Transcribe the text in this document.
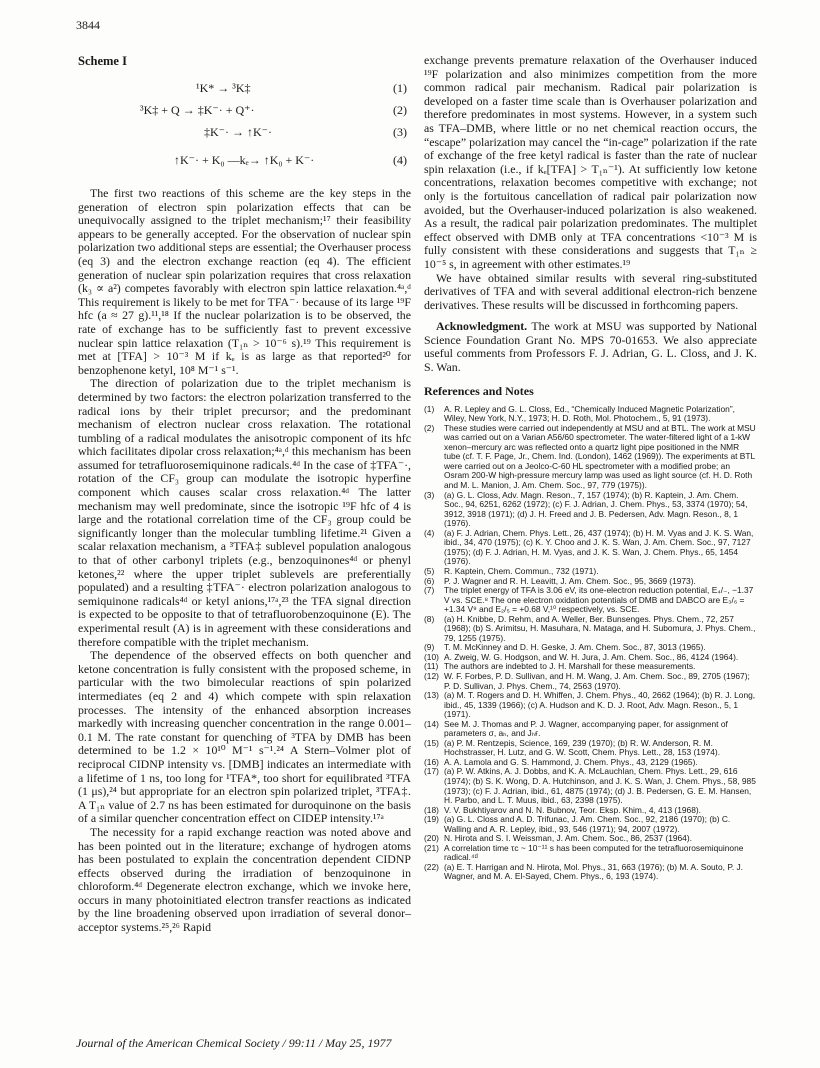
3844
Scheme I
¹K* → ³K‡	(1)
³K‡ + Q → ‡K⁻· + Q⁺·	(2)
‡K⁻· → ↑K⁻·	(3)
↑K⁻· + K₀ —kₑ→ ↑K₀ + K⁻·	(4)

The first two reactions of this scheme are the key steps in the generation of electron spin polarization effects that can be unequivocally assigned to the triplet mechanism;¹⁷ their feasibility appears to be generally accepted. For the observation of nuclear spin polarization two additional steps are essential; the Overhauser process (eq 3) and the electron exchange reaction (eq 4). The efficient generation of nuclear spin polarization requires that cross relaxation (k₃ ∝ a²) competes favorably with electron spin lattice relaxation.⁴ᵃ,ᵈ This requirement is likely to be met for TFA⁻· because of its large ¹⁹F hfc (a ≈ 27 g).¹¹,¹⁸ If the nuclear polarization is to be observed, the rate of exchange has to be sufficiently fast to prevent excessive nuclear spin lattice relaxation (T₁ₙ > 10⁻⁶ s).¹⁹ This requirement is met at [TFA] > 10⁻³ M if kₑ is as large as that reported²⁰ for benzophenone ketyl, 10⁸ M⁻¹ s⁻¹.

The direction of polarization due to the triplet mechanism is determined by two factors: the electron polarization transferred to the radical ions by their triplet precursor; and the predominant mechanism of electron nuclear cross relaxation. The rotational tumbling of a radical modulates the anisotropic component of its hfc which facilitates dipolar cross relaxation;⁴ᵃ,ᵈ this mechanism has been assumed for tetrafluorosemiquinone radicals.⁴ᵈ In the case of ‡TFA⁻·, rotation of the CF₃ group can modulate the isotropic hyperfine component which causes scalar cross relaxation.⁴ᵈ The latter mechanism may well predominate, since the isotropic ¹⁹F hfc of 4 is large and the rotational correlation time of the CF₃ group could be significantly longer than the molecular tumbling lifetime.²¹ Given a scalar relaxation mechanism, a ³TFA‡ sublevel population analogous to that of other carbonyl triplets (e.g., benzoquinones⁴ᵈ or phenyl ketones,²² where the upper triplet sublevels are preferentially populated) and a resulting ‡TFA⁻· electron polarization analogous to semiquinone radicals⁴ᵈ or ketyl anions,¹⁷ᵃ,²³ the TFA signal direction is expected to be opposite to that of tetrafluorobenzoquinone (E). The experimental result (A) is in agreement with these considerations and therefore compatible with the triplet mechanism.

The dependence of the observed effects on both quencher and ketone concentration is fully consistent with the proposed scheme, in particular with the two bimolecular reactions of spin polarized intermediates (eq 2 and 4) which compete with spin relaxation processes. The intensity of the enhanced absorption increases markedly with increasing quencher concentration in the range 0.001–0.1 M. The rate constant for quenching of ³TFA by DMB has been determined to be 1.2 × 10¹⁰ M⁻¹ s⁻¹.²⁴ A Stern–Volmer plot of reciprocal CIDNP intensity vs. [DMB] indicates an intermediate with a lifetime of 1 ns, too long for ¹TFA*, too short for equilibrated ³TFA (1 μs),²⁴ but appropriate for an electron spin polarized triplet, ³TFA‡. A T₁ₙ value of 2.7 ns has been estimated for duroquinone on the basis of a similar quencher concentration effect on CIDEP intensity.¹⁷ᵃ

The necessity for a rapid exchange reaction was noted above and has been pointed out in the literature; exchange of hydrogen atoms has been postulated to explain the concentration dependent CIDNP effects observed during the irradiation of benzoquinone in chloroform.⁴ᵈ Degenerate electron exchange, which we invoke here, occurs in many photoinitiated electron transfer reactions as indicated by the line broadening observed upon irradiation of several donor–acceptor systems.²⁵,²⁶ Rapid

exchange prevents premature relaxation of the Overhauser induced ¹⁹F polarization and also minimizes competition from the more common radical pair mechanism. Radical pair polarization is developed on a faster time scale than is Overhauser polarization and therefore predominates in most systems. However, in a system such as TFA–DMB, where little or no net chemical reaction occurs, the “escape” polarization may cancel the “in-cage” polarization if the rate of exchange of the free ketyl radical is faster than the rate of nuclear spin relaxation (i.e., if kₑ[TFA] > T₁ₙ⁻¹). At sufficiently low ketone concentrations, relaxation becomes competitive with exchange; not only is the fortuitous cancellation of radical pair polarization now avoided, but the Overhauser-induced polarization is also weakened. As a result, the radical pair polarization predominates. The multiplet effect observed with DMB only at TFA concentrations <10⁻³ M is fully consistent with these considerations and suggests that T₁ₙ ≥ 10⁻⁵ s, in agreement with other estimates.¹⁹

We have obtained similar results with several ring-substituted derivatives of TFA and with several additional electron-rich benzene derivatives. These results will be discussed in forthcoming papers.

Acknowledgment. The work at MSU was supported by National Science Foundation Grant No. MPS 70-01653. We also appreciate useful comments from Professors F. J. Adrian, G. L. Closs, and J. K. S. Wan.

References and Notes
(1) A. R. Lepley and G. L. Closs, Ed., “Chemically Induced Magnetic Polarization”, Wiley, New York, N.Y., 1973; H. D. Roth, Mol. Photochem., 5, 91 (1973).
(2) These studies were carried out independently at MSU and at BTL. The work at MSU was carried out on a Varian A56/60 spectrometer. The water-filtered light of a 1-kW xenon–mercury arc was reflected onto a quartz light pipe positioned in the NMR tube (cf. T. F. Page, Jr., Chem. Ind. (London), 1462 (1969)). The experiments at BTL were carried out on a Jeolco-C-60 HL spectrometer with a modified probe; an Osram 200-W high-pressure mercury lamp was used as light source (cf. H. D. Roth and M. L. Manion, J. Am. Chem. Soc., 97, 779 (1975)).
(3) (a) G. L. Closs, Adv. Magn. Reson., 7, 157 (1974); (b) R. Kaptein, J. Am. Chem. Soc., 94, 6251, 6262 (1972); (c) F. J. Adrian, J. Chem. Phys., 53, 3374 (1970); 54, 3912, 3918 (1971); (d) J. H. Freed and J. B. Pedersen, Adv. Magn. Reson., 8, 1 (1976).
(4) (a) F. J. Adrian, Chem. Phys. Lett., 26, 437 (1974); (b) H. M. Vyas and J. K. S. Wan, ibid., 34, 470 (1975); (c) K. Y. Choo and J. K. S. Wan, J. Am. Chem. Soc., 97, 7127 (1975); (d) F. J. Adrian, H. M. Vyas, and J. K. S. Wan, J. Chem. Phys., 65, 1454 (1976).
(5) R. Kaptein, Chem. Commun., 732 (1971).
(6) P. J. Wagner and R. H. Leavitt, J. Am. Chem. Soc., 95, 3669 (1973).
(7) The triplet energy of TFA is 3.06 eV, its one-electron reduction potential, E₄/₋, −1.37 V vs. SCE.⁸ The one electron oxidation potentials of DMB and DABCO are E₃/₆ = +1.34 V⁹ and E₂/₅ = +0.68 V,¹⁰ respectively, vs. SCE.
(8) (a) H. Knibbe, D. Rehm, and A. Weller, Ber. Bunsenges. Phys. Chem., 72, 257 (1968); (b) S. Arimitsu, H. Masuhara, N. Mataga, and H. Subomura, J. Phys. Chem., 79, 1255 (1975).
(9) T. M. McKinney and D. H. Geske, J. Am. Chem. Soc., 87, 3013 (1965).
(10) A. Zweig, W. G. Hodgson, and W. H. Jura, J. Am. Chem. Soc., 86, 4124 (1964).
(11) The authors are indebted to J. H. Marshall for these measurements.
(12) W. F. Forbes, P. D. Sullivan, and H. M. Wang, J. Am. Chem. Soc., 89, 2705 (1967); P. D. Sullivan, J. Phys. Chem., 74, 2563 (1970).
(13) (a) M. T. Rogers and D. H. Whiffen, J. Chem. Phys., 40, 2662 (1964); (b) R. J. Long, ibid., 45, 1339 (1966); (c) A. Hudson and K. D. J. Root, Adv. Magn. Reson., 5, 1 (1971).
(14) See M. J. Thomas and P. J. Wagner, accompanying paper, for assignment of parameters σ, aₕ, and Jₕғ.
(15) (a) P. M. Rentzepis, Science, 169, 239 (1970); (b) R. W. Anderson, R. M. Hochstrasser, H. Lutz, and G. W. Scott, Chem. Phys. Lett., 28, 153 (1974).
(16) A. A. Lamola and G. S. Hammond, J. Chem. Phys., 43, 2129 (1965).
(17) (a) P. W. Atkins, A. J. Dobbs, and K. A. McLauchlan, Chem. Phys. Lett., 29, 616 (1974); (b) S. K. Wong, D. A. Hutchinson, and J. K. S. Wan, J. Chem. Phys., 58, 985 (1973); (c) F. J. Adrian, ibid., 61, 4875 (1974); (d) J. B. Pedersen, G. E. M. Hansen, H. Parbo, and L. T. Muus, ibid., 63, 2398 (1975).
(18) V. V. Bukhtiyarov and N. N. Bubnov, Teor. Eksp. Khim., 4, 413 (1968).
(19) (a) G. L. Closs and A. D. Trifunac, J. Am. Chem. Soc., 92, 2186 (1970); (b) C. Walling and A. R. Lepley, ibid., 93, 546 (1971); 94, 2007 (1972).
(20) N. Hirota and S. I. Weissman, J. Am. Chem. Soc., 86, 2537 (1964).
(21) A correlation time τc ~ 10⁻¹¹ s has been computed for the tetrafluorosemiquinone radical.⁴ᵈ
(22) (a) E. T. Harrigan and N. Hirota, Mol. Phys., 31, 663 (1976); (b) M. A. Souto, P. J. Wagner, and M. A. El-Sayed, Chem. Phys., 6, 193 (1974).
Journal of the American Chemical Society / 99:11 / May 25, 1977
